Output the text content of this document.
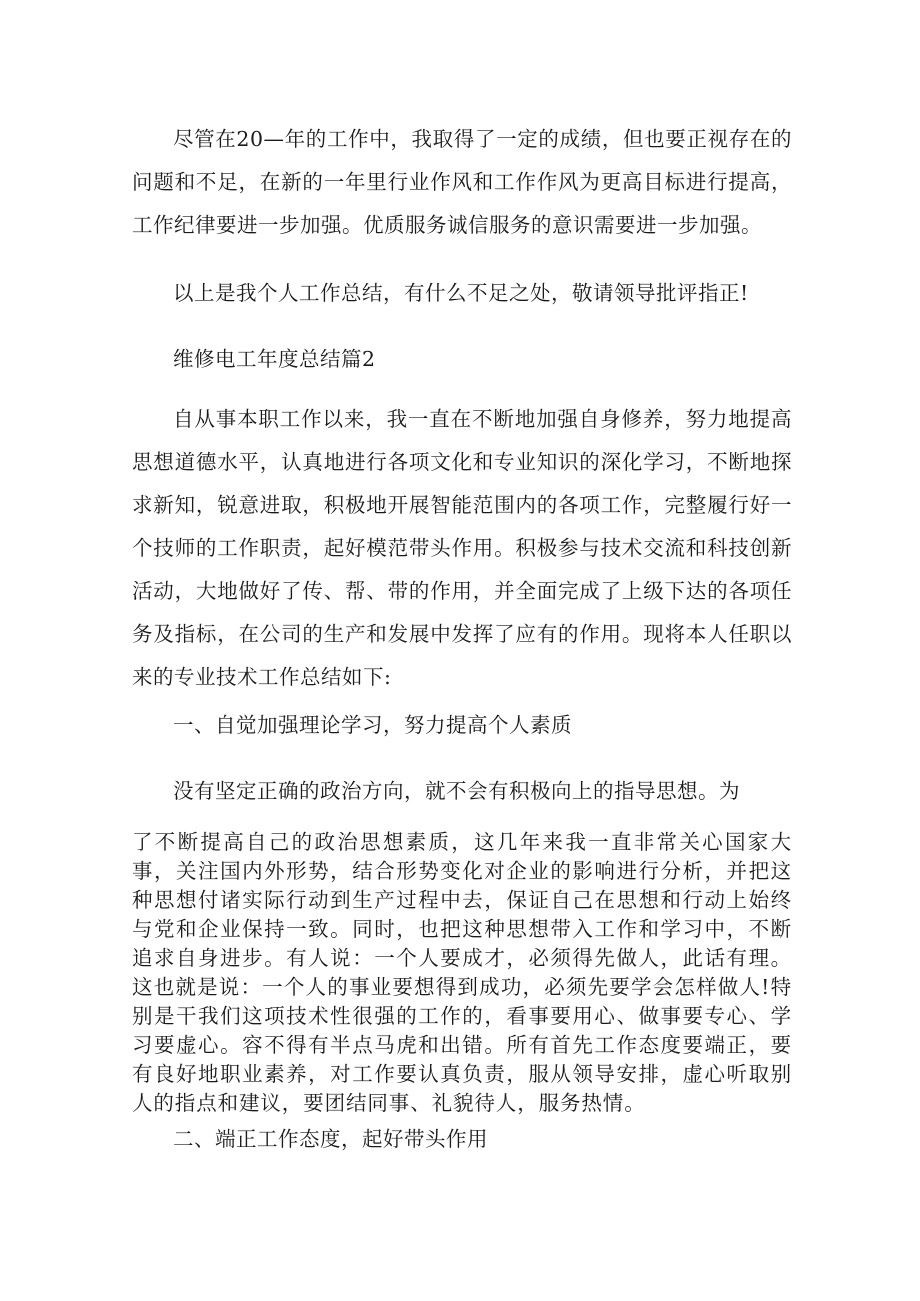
尽管在20—年的工作中，我取得了一定的成绩，但也要正视存在的问题和不足，在新的一年里行业作风和工作作风为更高目标进行提高，工作纪律要进一步加强。优质服务诚信服务的意识需要进一步加强。

以上是我个人工作总结，有什么不足之处，敬请领导批评指正!

维修电工年度总结篇2

自从事本职工作以来，我一直在不断地加强自身修养，努力地提高思想道德水平，认真地进行各项文化和专业知识的深化学习，不断地探求新知，锐意进取，积极地开展智能范围内的各项工作，完整履行好一个技师的工作职责，起好模范带头作用。积极参与技术交流和科技创新活动，大地做好了传、帮、带的作用，并全面完成了上级下达的各项任务及指标，在公司的生产和发展中发挥了应有的作用。现将本人任职以来的专业技术工作总结如下:

一、自觉加强理论学习，努力提高个人素质

没有坚定正确的政治方向，就不会有积极向上的指导思想。为

了不断提高自己的政治思想素质，这几年来我一直非常关心国家大事，关注国内外形势，结合形势变化对企业的影响进行分析，并把这种思想付诸实际行动到生产过程中去，保证自己在思想和行动上始终与党和企业保持一致。同时，也把这种思想带入工作和学习中，不断追求自身进步。有人说：一个人要成才，必须得先做人，此话有理。这也就是说：一个人的事业要想得到成功，必须先要学会怎样做人!特别是干我们这项技术性很强的工作的，看事要用心、做事要专心、学习要虚心。容不得有半点马虎和出错。所有首先工作态度要端正，要有良好地职业素养，对工作要认真负责，服从领导安排，虚心听取别人的指点和建议，要团结同事、礼貌待人，服务热情。

二、端正工作态度，起好带头作用
